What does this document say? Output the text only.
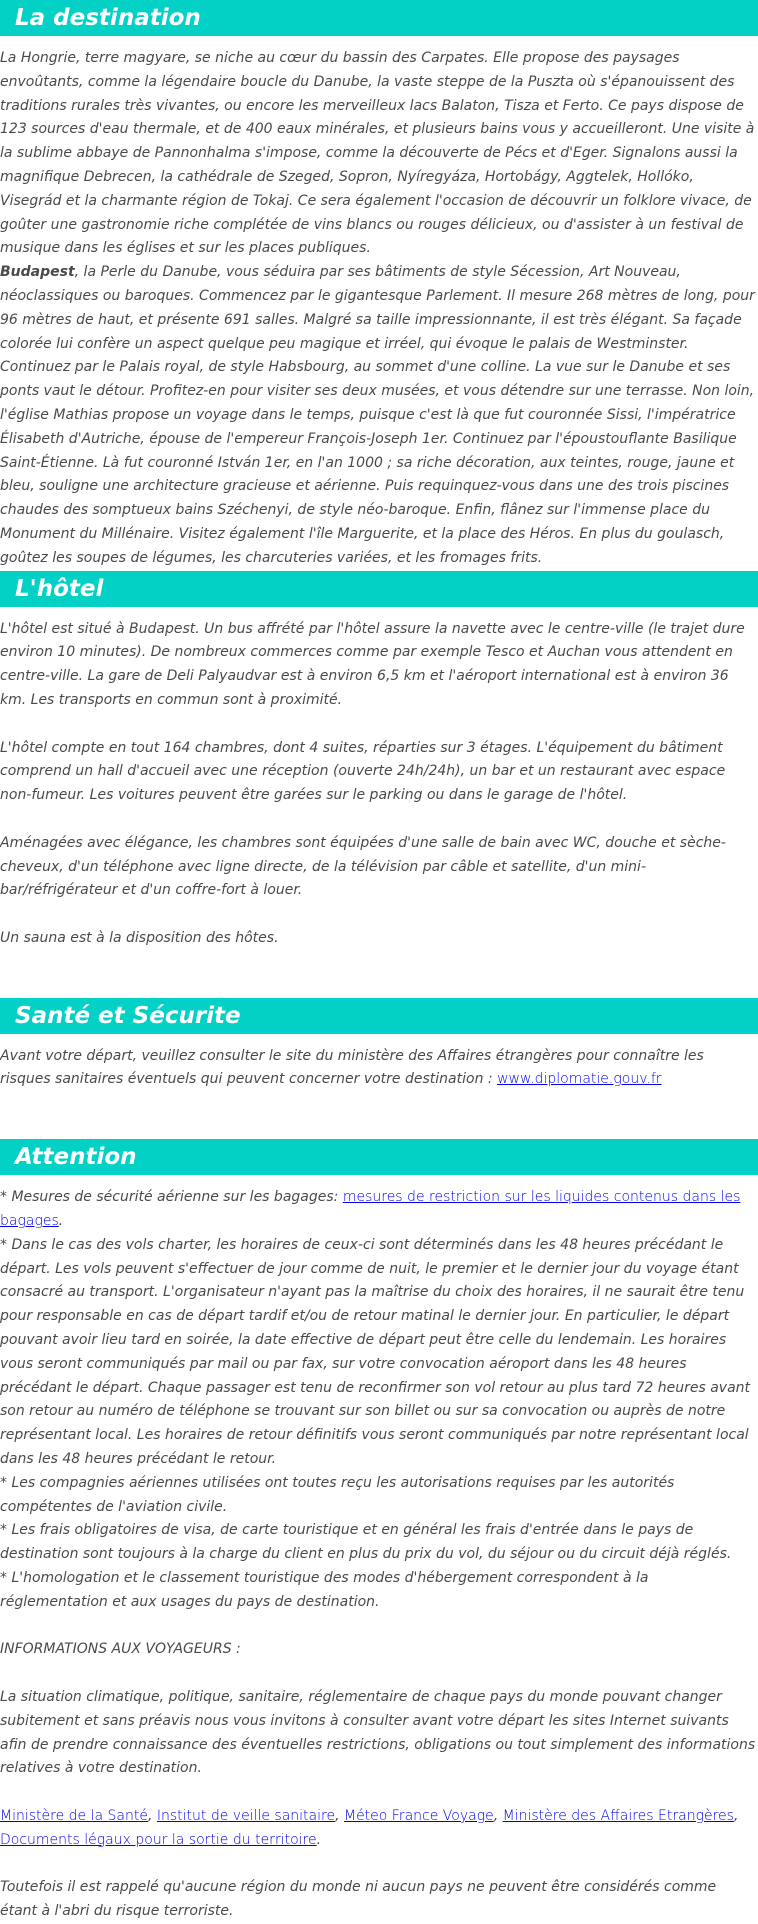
La destination

La Hongrie, terre magyare, se niche au cœur du bassin des Carpates. Elle propose des paysages envoûtants, comme la légendaire boucle du Danube, la vaste steppe de la Puszta où s'épanouissent des traditions rurales très vivantes, ou encore les merveilleux lacs Balaton, Tisza et Ferto. Ce pays dispose de 123 sources d'eau thermale, et de 400 eaux minérales, et plusieurs bains vous y accueilleront. Une visite à la sublime abbaye de Pannonhalma s'impose, comme la découverte de Pécs et d'Eger. Signalons aussi la magnifique Debrecen, la cathédrale de Szeged, Sopron, Nyíregyáza, Hortobágy, Aggtelek, Hollóko, Visegrád et la charmante région de Tokaj. Ce sera également l'occasion de découvrir un folklore vivace, de goûter une gastronomie riche complétée de vins blancs ou rouges délicieux, ou d'assister à un festival de musique dans les églises et sur les places publiques.

Budapest, la Perle du Danube, vous séduira par ses bâtiments de style Sécession, Art Nouveau, néoclassiques ou baroques. Commencez par le gigantesque Parlement. Il mesure 268 mètres de long, pour 96 mètres de haut, et présente 691 salles. Malgré sa taille impressionnante, il est très élégant. Sa façade colorée lui confère un aspect quelque peu magique et irréel, qui évoque le palais de Westminster. Continuez par le Palais royal, de style Habsbourg, au sommet d'une colline. La vue sur le Danube et ses ponts vaut le détour. Profitez-en pour visiter ses deux musées, et vous détendre sur une terrasse. Non loin, l'église Mathias propose un voyage dans le temps, puisque c'est là que fut couronnée Sissi, l'impératrice Élisabeth d'Autriche, épouse de l'empereur François-Joseph 1er. Continuez par l'époustouflante Basilique Saint-Étienne. Là fut couronné István 1er, en l'an 1000 ; sa riche décoration, aux teintes, rouge, jaune et bleu, souligne une architecture gracieuse et aérienne. Puis requinquez-vous dans une des trois piscines chaudes des somptueux bains Széchenyi, de style néo-baroque. Enfin, flânez sur l'immense place du Monument du Millénaire. Visitez également l'île Marguerite, et la place des Héros. En plus du goulasch, goûtez les soupes de légumes, les charcuteries variées, et les fromages frits.

L'hôtel

L'hôtel est situé à Budapest. Un bus affrété par l'hôtel assure la navette avec le centre-ville (le trajet dure environ 10 minutes). De nombreux commerces comme par exemple Tesco et Auchan vous attendent en centre-ville. La gare de Deli Palyaudvar est à environ 6,5 km et l'aéroport international est à environ 36 km. Les transports en commun sont à proximité.

L'hôtel compte en tout 164 chambres, dont 4 suites, réparties sur 3 étages. L'équipement du bâtiment comprend un hall d'accueil avec une réception (ouverte 24h/24h), un bar et un restaurant avec espace non-fumeur. Les voitures peuvent être garées sur le parking ou dans le garage de l'hôtel.

Aménagées avec élégance, les chambres sont équipées d'une salle de bain avec WC, douche et sèche-cheveux, d'un téléphone avec ligne directe, de la télévision par câble et satellite, d'un mini-bar/réfrigérateur et d'un coffre-fort à louer.

Un sauna est à la disposition des hôtes.

Santé et Sécurite

Avant votre départ, veuillez consulter le site du ministère des Affaires étrangères pour connaître les risques sanitaires éventuels qui peuvent concerner votre destination : www.diplomatie.gouv.fr

Attention

* Mesures de sécurité aérienne sur les bagages: mesures de restriction sur les liquides contenus dans les bagages.

* Dans le cas des vols charter, les horaires de ceux-ci sont déterminés dans les 48 heures précédant le départ. Les vols peuvent s'effectuer de jour comme de nuit, le premier et le dernier jour du voyage étant consacré au transport. L'organisateur n'ayant pas la maîtrise du choix des horaires, il ne saurait être tenu pour responsable en cas de départ tardif et/ou de retour matinal le dernier jour. En particulier, le départ pouvant avoir lieu tard en soirée, la date effective de départ peut être celle du lendemain. Les horaires vous seront communiqués par mail ou par fax, sur votre convocation aéroport dans les 48 heures précédant le départ. Chaque passager est tenu de reconfirmer son vol retour au plus tard 72 heures avant son retour au numéro de téléphone se trouvant sur son billet ou sur sa convocation ou auprès de notre représentant local. Les horaires de retour définitifs vous seront communiqués par notre représentant local dans les 48 heures précédant le retour.

* Les compagnies aériennes utilisées ont toutes reçu les autorisations requises par les autorités compétentes de l'aviation civile.

* Les frais obligatoires de visa, de carte touristique et en général les frais d'entrée dans le pays de destination sont toujours à la charge du client en plus du prix du vol, du séjour ou du circuit déjà réglés.

* L'homologation et le classement touristique des modes d'hébergement correspondent à la réglementation et aux usages du pays de destination.

INFORMATIONS AUX VOYAGEURS :

La situation climatique, politique, sanitaire, réglementaire de chaque pays du monde pouvant changer subitement et sans préavis nous vous invitons à consulter avant votre départ les sites Internet suivants afin de prendre connaissance des éventuelles restrictions, obligations ou tout simplement des informations relatives à votre destination.

Ministère de la Santé, Institut de veille sanitaire, Méteo France Voyage, Ministère des Affaires Etrangères, Documents légaux pour la sortie du territoire.

Toutefois il est rappelé qu'aucune région du monde ni aucun pays ne peuvent être considérés comme étant à l'abri du risque terroriste.
